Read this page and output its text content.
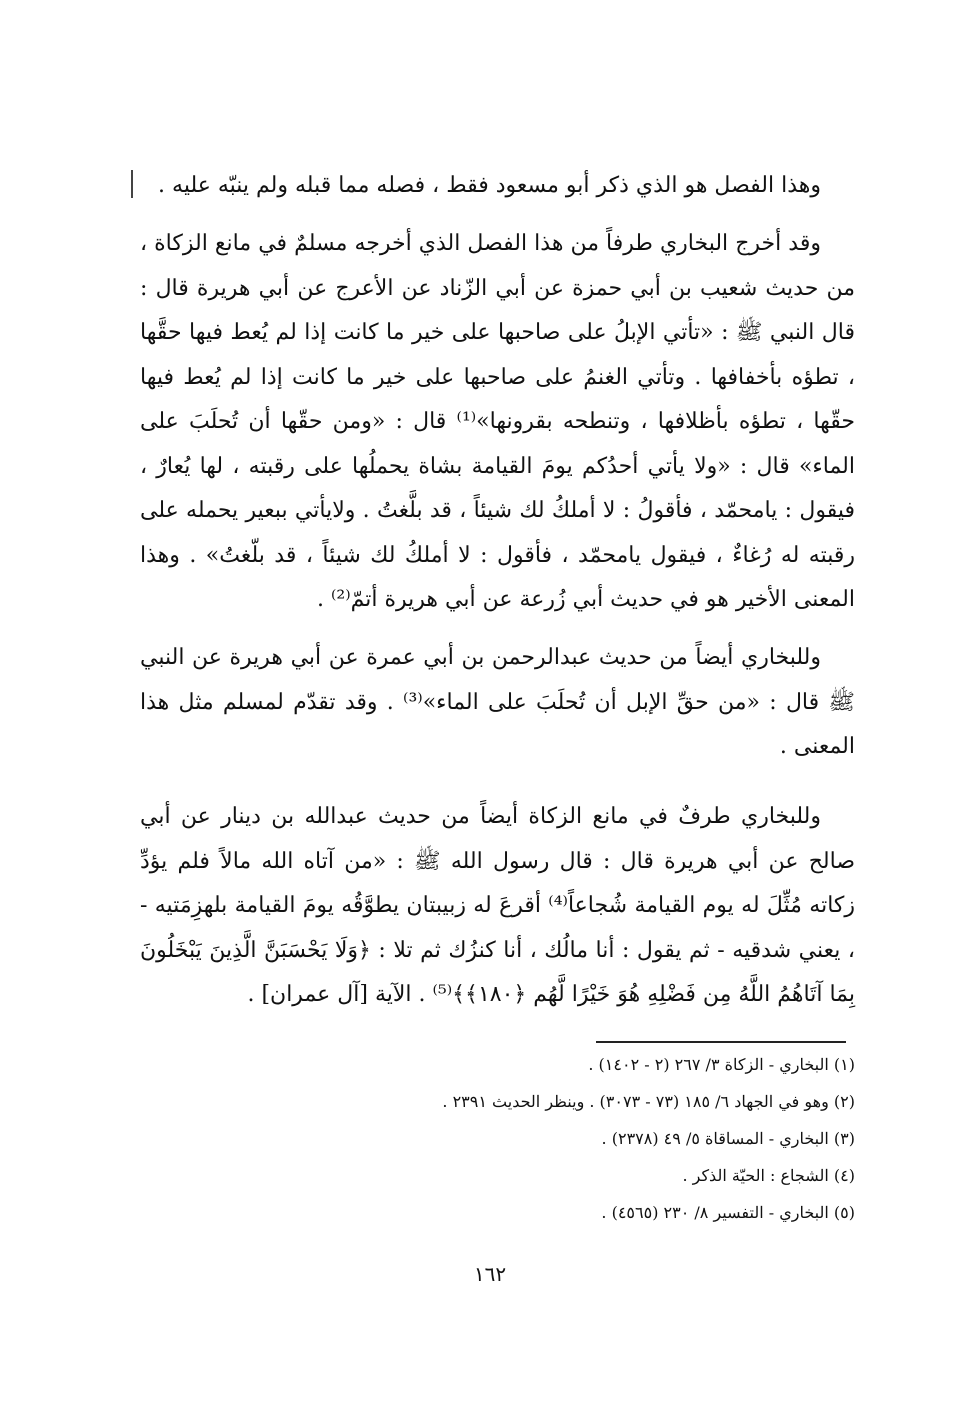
وهذا الفصل هو الذي ذكر أبو مسعود فقط ، فصله مما قبله ولم ينبّه عليه .

وقد أخرج البخاري طرفاً من هذا الفصل الذي أخرجه مسلمٌ في مانع الزكاة ، من حديث شعيب بن أبي حمزة عن أبي الزّناد عن الأعرج عن أبي هريرة قال : قال النبي ﷺ : «تأتي الإبلُ على صاحبها على خير ما كانت إذا لم يُعط فيها حقَّها ، تطؤه بأخفافها . وتأتي الغنمُ على صاحبها على خير ما كانت إذا لم يُعط فيها حقّها ، تطؤه بأظلافها ، وتنطحه بقرونها»⁽¹⁾ قال : «ومن حقّها أن تُحلَبَ على الماء» قال : «ولا يأتي أحدُكم يومَ القيامة بشاة يحملُها على رقبته ، لها يُعارٌ ، فيقول : يامحمّد ، فأقولُ : لا أملكُ لك شيئاً ، قد بلَّغتُ . ولايأتي ببعير يحمله على رقبته له رُغاءٌ ، فيقول يامحمّد ، فأقول : لا أملكُ لك شيئاً ، قد بلّغتُ» . وهذا المعنى الأخير هو في حديث أبي زُرعة عن أبي هريرة أتمّ⁽²⁾ .

وللبخاري أيضاً من حديث عبدالرحمن بن أبي عمرة عن أبي هريرة عن النبي ﷺ قال : «من حقِّ الإبل أن تُحلَبَ على الماء»⁽³⁾ . وقد تقدّم لمسلم مثل هذا المعنى .

وللبخاري طرفٌ في مانع الزكاة أيضاً من حديث عبدالله بن دينار عن أبي صالح عن أبي هريرة قال : قال رسول الله ﷺ : «من آتاه الله مالاً فلم يؤدِّ زكاته مُثِّلَ له يوم القيامة شُجاعاً⁽⁴⁾ أقرعَ له زبيبتان يطوَّقُه يومَ القيامة بلهزِمَتيه - ، يعني شدقيه - ثم يقول : أنا مالُك ، أنا كنزُك ثم تلا : ﴿وَلَا يَحْسَبَنَّ الَّذِينَ يَبْخَلُونَ بِمَا آتَاهُمُ اللَّهُ مِن فَضْلِهِ هُوَ خَيْرًا لَّهُم ﴿١٨٠﴾﴾⁽⁵⁾ . الآية [آل عمران] .

(١) البخاري - الزكاة ٣/ ٢٦٧ (٢ - ١٤٠٢) .
(٢) وهو في الجهاد ٦/ ١٨٥ (٧٣ - ٣٠٧٣) . وينظر الحديث ٢٣٩١ .
(٣) البخاري - المساقاة ٥/ ٤٩ (٢٣٧٨) .
(٤) الشجاع : الحيّة الذكر .
(٥) البخاري - التفسير ٨/ ٢٣٠ (٤٥٦٥) .
١٦٢
